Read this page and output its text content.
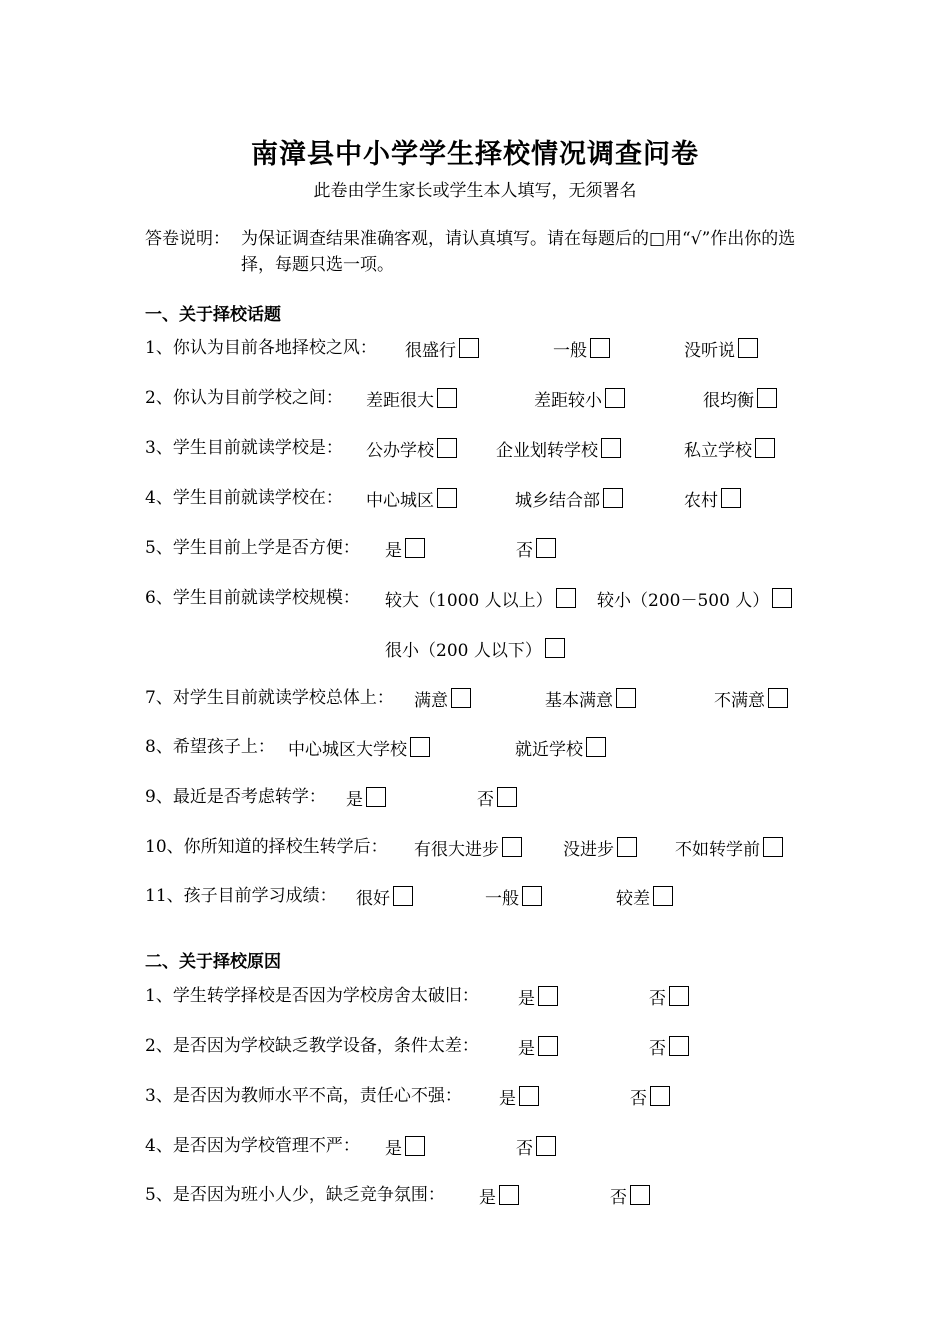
南漳县中小学学生择校情况调查问卷
此卷由学生家长或学生本人填写，无须署名
答卷说明： 为保证调查结果准确客观，请认真填写。请在每题后的□用“√”作出你的选择，每题只选一项。
一、关于择校话题
1、你认为目前各地择校之风： 很盛行	一般	没听说
2、你认为目前学校之间： 差距很大	差距较小	很均衡
3、学生目前就读学校是： 公办学校	企业划转学校	私立学校
4、学生目前就读学校在： 中心城区	城乡结合部	农村
5、学生目前上学是否方便： 是	否
6、学生目前就读学校规模： 较大（1000 人以上）	较小（200－500 人）
很小（200 人以下）
7、对学生目前就读学校总体上： 满意	基本满意	不满意
8、希望孩子上： 中心城区大学校	就近学校
9、最近是否考虑转学： 是	否
10、你所知道的择校生转学后： 有很大进步	没进步	不如转学前
11、孩子目前学习成绩： 很好	一般	较差
二、关于择校原因
1、学生转学择校是否因为学校房舍太破旧： 是	否
2、是否因为学校缺乏教学设备，条件太差： 是	否
3、是否因为教师水平不高，责任心不强： 是	否
4、是否因为学校管理不严： 是	否
5、是否因为班小人少，缺乏竞争氛围： 是	否
